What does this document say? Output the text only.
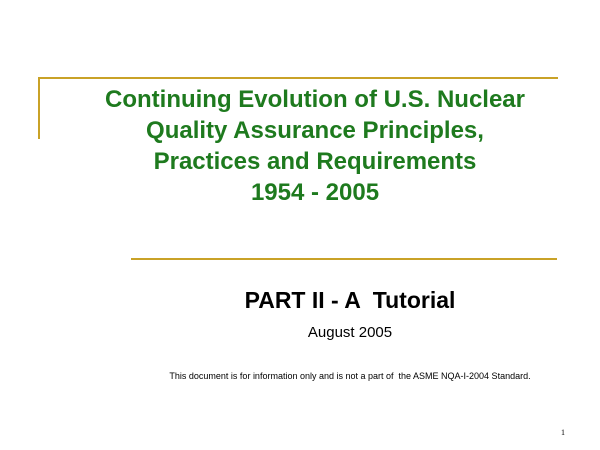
Continuing Evolution of U.S. Nuclear
Quality Assurance Principles,
Practices and Requirements
1954 - 2005
PART II - A  Tutorial
August 2005
This document is for information only and is not a part of  the ASME NQA-I-2004 Standard.
1
